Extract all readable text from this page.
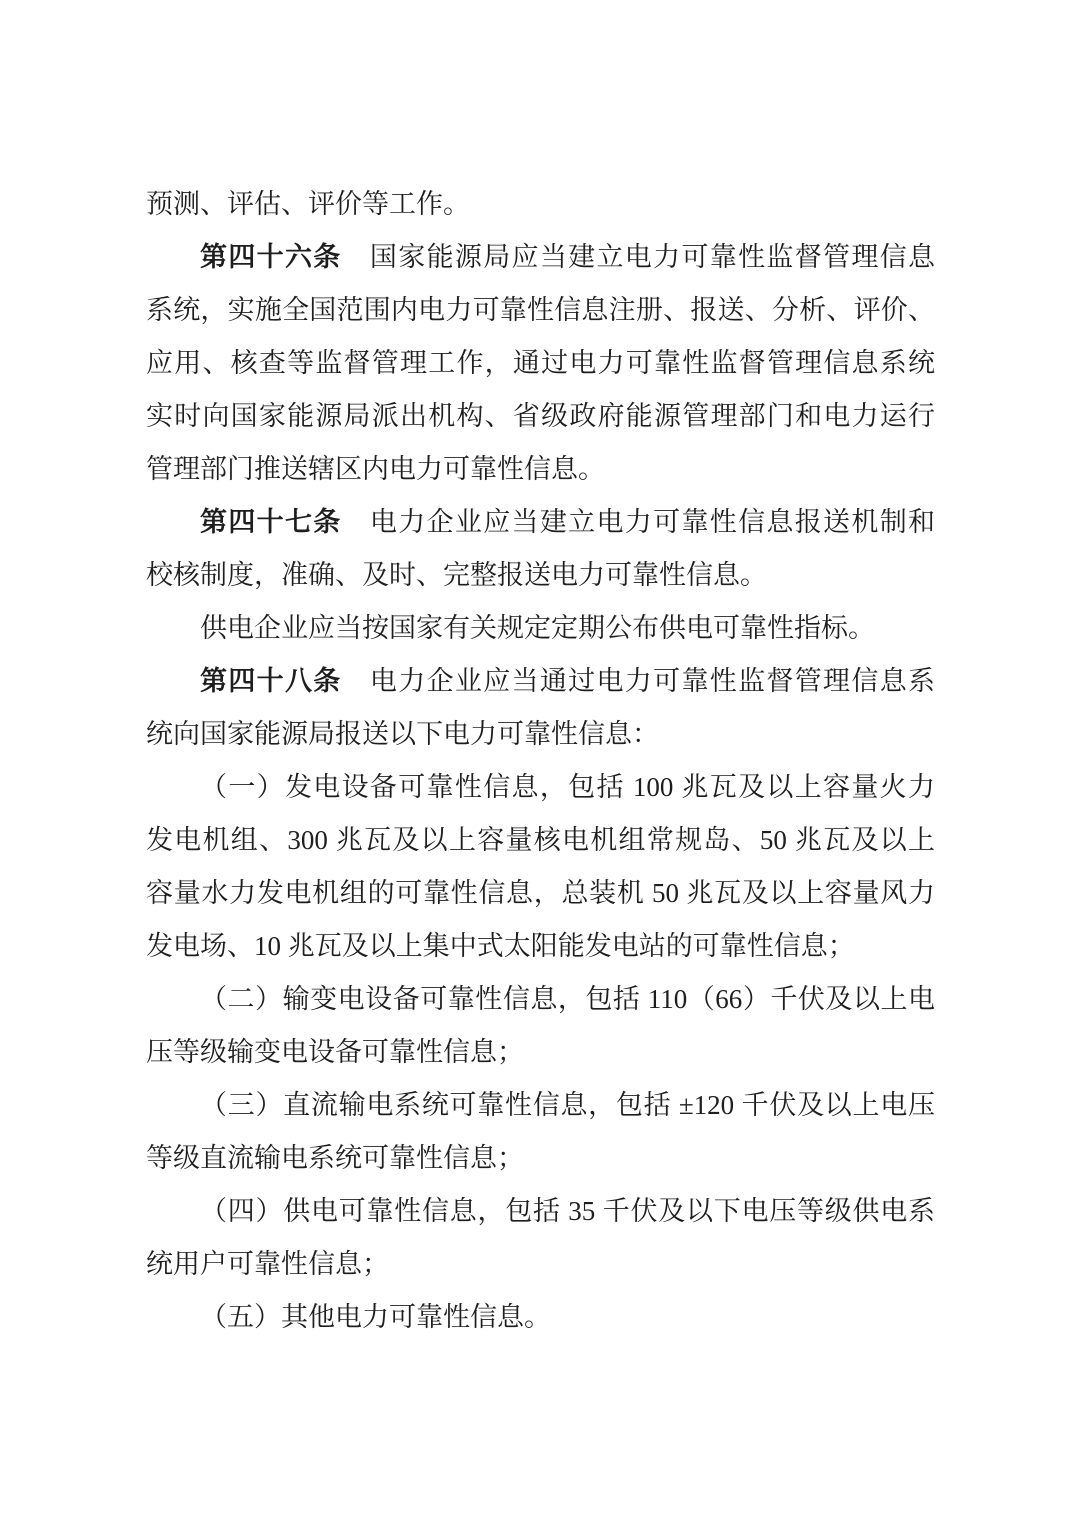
预测、评估、评价等工作。
第四十六条　国家能源局应当建立电力可靠性监督管理信息
系统，实施全国范围内电力可靠性信息注册、报送、分析、评价、
应用、核查等监督管理工作，通过电力可靠性监督管理信息系统
实时向国家能源局派出机构、省级政府能源管理部门和电力运行
管理部门推送辖区内电力可靠性信息。
第四十七条　电力企业应当建立电力可靠性信息报送机制和
校核制度，准确、及时、完整报送电力可靠性信息。
供电企业应当按国家有关规定定期公布供电可靠性指标。
第四十八条　电力企业应当通过电力可靠性监督管理信息系
统向国家能源局报送以下电力可靠性信息：
（一）发电设备可靠性信息，包括 100 兆瓦及以上容量火力
发电机组、300 兆瓦及以上容量核电机组常规岛、50 兆瓦及以上
容量水力发电机组的可靠性信息，总装机 50 兆瓦及以上容量风力
发电场、10 兆瓦及以上集中式太阳能发电站的可靠性信息；
（二）输变电设备可靠性信息，包括 110（66）千伏及以上电
压等级输变电设备可靠性信息；
（三）直流输电系统可靠性信息，包括 ±120 千伏及以上电压
等级直流输电系统可靠性信息；
（四）供电可靠性信息，包括 35 千伏及以下电压等级供电系
统用户可靠性信息；
（五）其他电力可靠性信息。
